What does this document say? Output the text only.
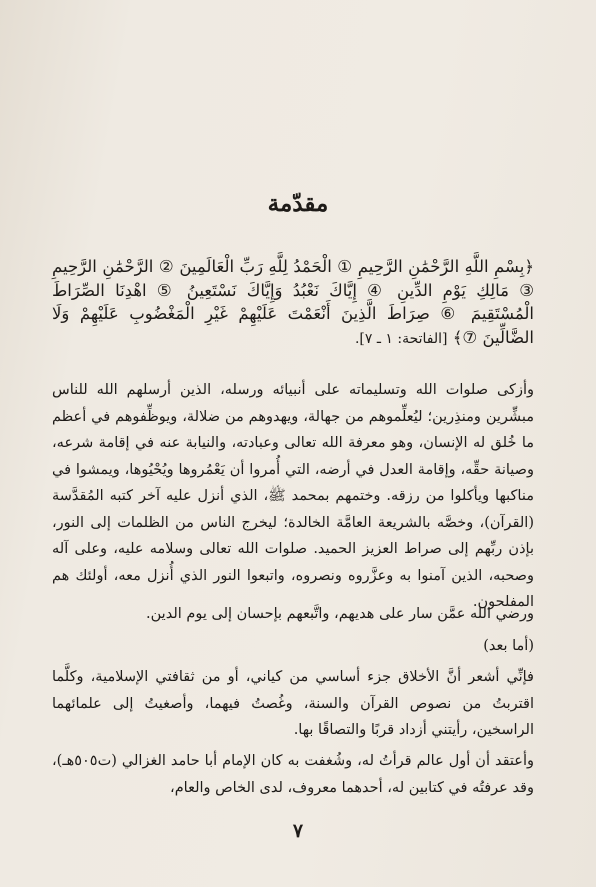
مقدّمة
﴿بِسْمِ اللَّهِ الرَّحْمَٰنِ الرَّحِيمِ ① الْحَمْدُ لِلَّهِ رَبِّ الْعَالَمِينَ ② الرَّحْمَٰنِ الرَّحِيمِ ③ مَالِكِ يَوْمِ الدِّينِ ④ إِيَّاكَ نَعْبُدُ وَإِيَّاكَ نَسْتَعِينُ ⑤ اهْدِنَا الصِّرَاطَ الْمُسْتَقِيمَ ⑥ صِرَاطَ الَّذِينَ أَنْعَمْتَ عَلَيْهِمْ غَيْرِ الْمَغْضُوبِ عَلَيْهِمْ وَلَا الضَّالِّينَ ⑦﴾ [الفاتحة: ١ ـ ٧].

وأزكى صلوات الله وتسليماته على أنبيائه ورسله، الذين أرسلهم الله للناس مبشِّرين ومنذِرين؛ ليُعلِّموهم من جهالة، ويهدوهم من ضلالة، ويوظِّفوهم في أعظم ما خُلق له الإنسان، وهو معرفة الله تعالى وعبادته، والنيابة عنه في إقامة شرعه، وصيانة حقِّه، وإقامة العدل في أرضه، التي أُمروا أن يَعْمُروها ويُحْيُوها، ويمشوا في مناكبها ويأكلوا من رزقه. وختمهم بمحمد ﷺ، الذي أنزل عليه آخر كتبه المُقدَّسة (القرآن)، وخصَّه بالشريعة العامَّة الخالدة؛ ليخرج الناس من الظلمات إلى النور، بإذن ربِّهم إلى صراط العزيز الحميد. صلوات الله تعالى وسلامه عليه، وعلى آله وصحبه، الذين آمنوا به وعزَّروه ونصروه، واتبعوا النور الذي أُنزل معه، أولئك هم المفلحون.

ورضي الله عمَّن سار على هديهم، واتَّبعهم بإحسان إلى يوم الدين.

(أما بعد)

فإنِّي أشعر أنَّ الأخلاق جزء أساسي من كياني، أو من ثقافتي الإسلامية، وكلَّما اقتربتُ من نصوص القرآن والسنة، وغُصتُ فيهما، وأصغيتُ إلى علمائهما الراسخين، رأيتني أزداد قربًا والتصاقًا بها.

وأعتقد أن أول عالم قرأتُ له، وشُغفت به كان الإمام أبا حامد الغزالي (ت٥٠٥هـ)، وقد عرفتُه في كتابين له، أحدهما معروف، لدى الخاص والعام،

٧
